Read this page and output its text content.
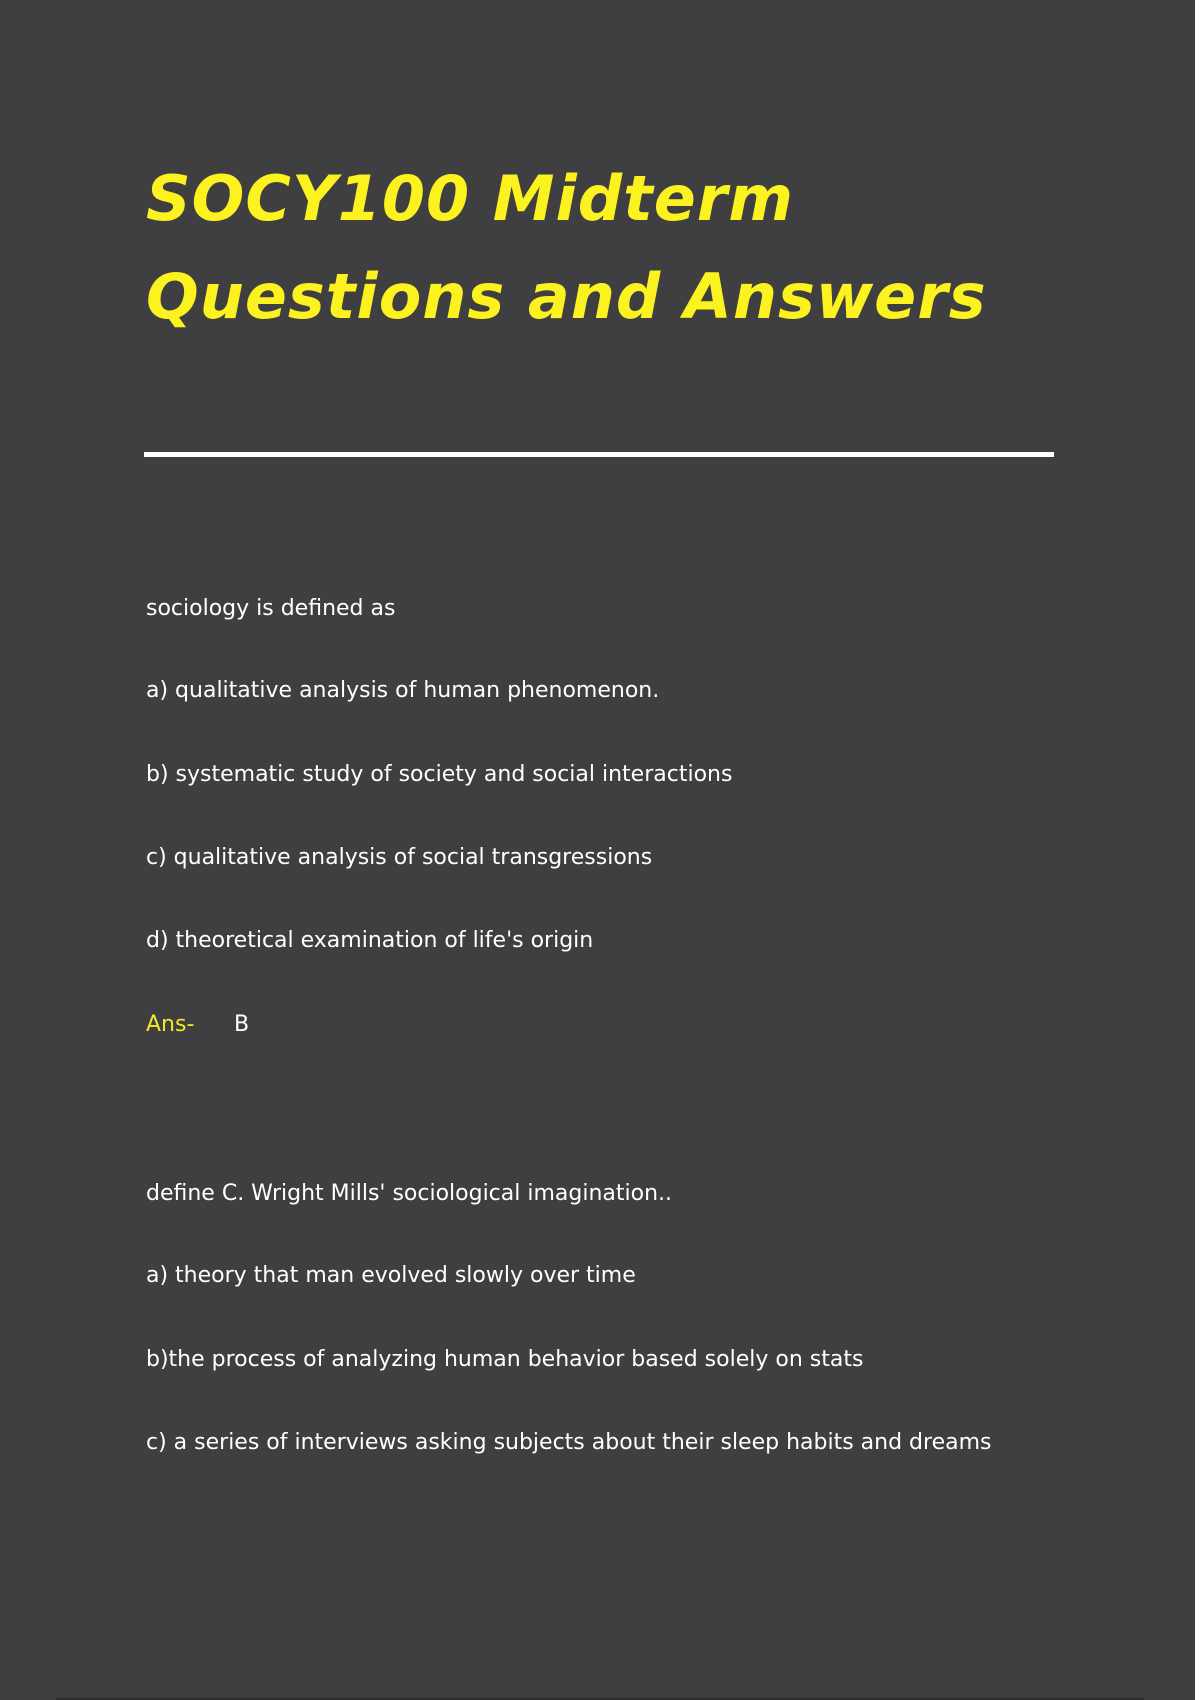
SOCY100 Midterm
Questions and Answers

sociology is defined as

a) qualitative analysis of human phenomenon.

b) systematic study of society and social interactions

c) qualitative analysis of social transgressions

d) theoretical examination of life's origin

Ans- B

define C. Wright Mills' sociological imagination..

a) theory that man evolved slowly over time

b)the process of analyzing human behavior based solely on stats

c) a series of interviews asking subjects about their sleep habits and dreams
